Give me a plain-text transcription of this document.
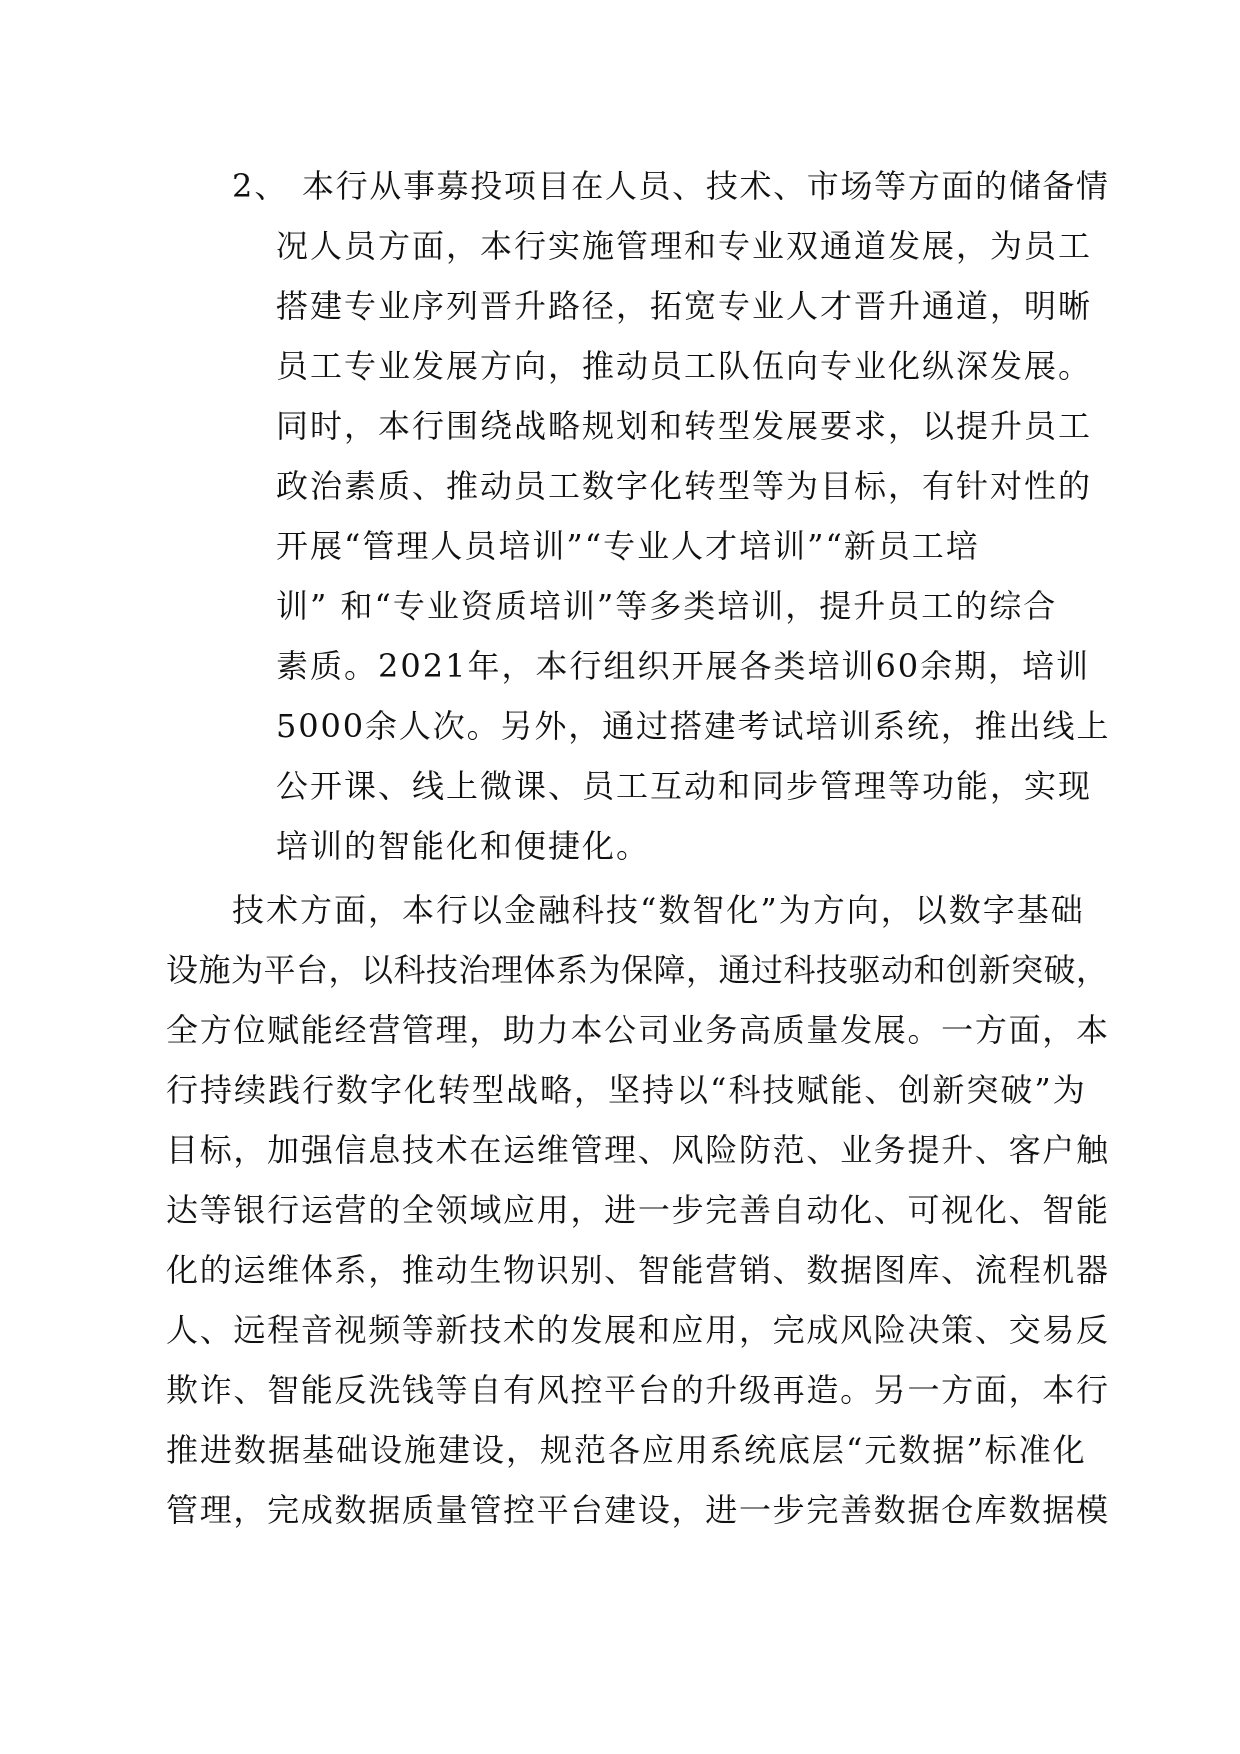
2、 本行从事募投项目在人员、技术、市场等方面的储备情
况人员方面，本行实施管理和专业双通道发展，为员工
搭建专业序列晋升路径，拓宽专业人才晋升通道，明晰
员工专业发展方向，推动员工队伍向专业化纵深发展。
同时，本行围绕战略规划和转型发展要求，以提升员工
政治素质、推动员工数字化转型等为目标，有针对性的
开展“管理人员培训”“专业人才培训”“新员工培
训” 和“专业资质培训”等多类培训，提升员工的综合
素质。2021年，本行组织开展各类培训60余期，培训
5000余人次。另外，通过搭建考试培训系统，推出线上
公开课、线上微课、员工互动和同步管理等功能，实现
培训的智能化和便捷化。
技术方面，本行以金融科技“数智化”为方向，以数字基础
设施为平台，以科技治理体系为保障，通过科技驱动和创新突破，
全方位赋能经营管理，助力本公司业务高质量发展。一方面，本
行持续践行数字化转型战略，坚持以“科技赋能、创新突破”为
目标，加强信息技术在运维管理、风险防范、业务提升、客户触
达等银行运营的全领域应用，进一步完善自动化、可视化、智能
化的运维体系，推动生物识别、智能营销、数据图库、流程机器
人、远程音视频等新技术的发展和应用，完成风险决策、交易反
欺诈、智能反洗钱等自有风控平台的升级再造。另一方面，本行
推进数据基础设施建设，规范各应用系统底层“元数据”标准化
管理，完成数据质量管控平台建设，进一步完善数据仓库数据模
